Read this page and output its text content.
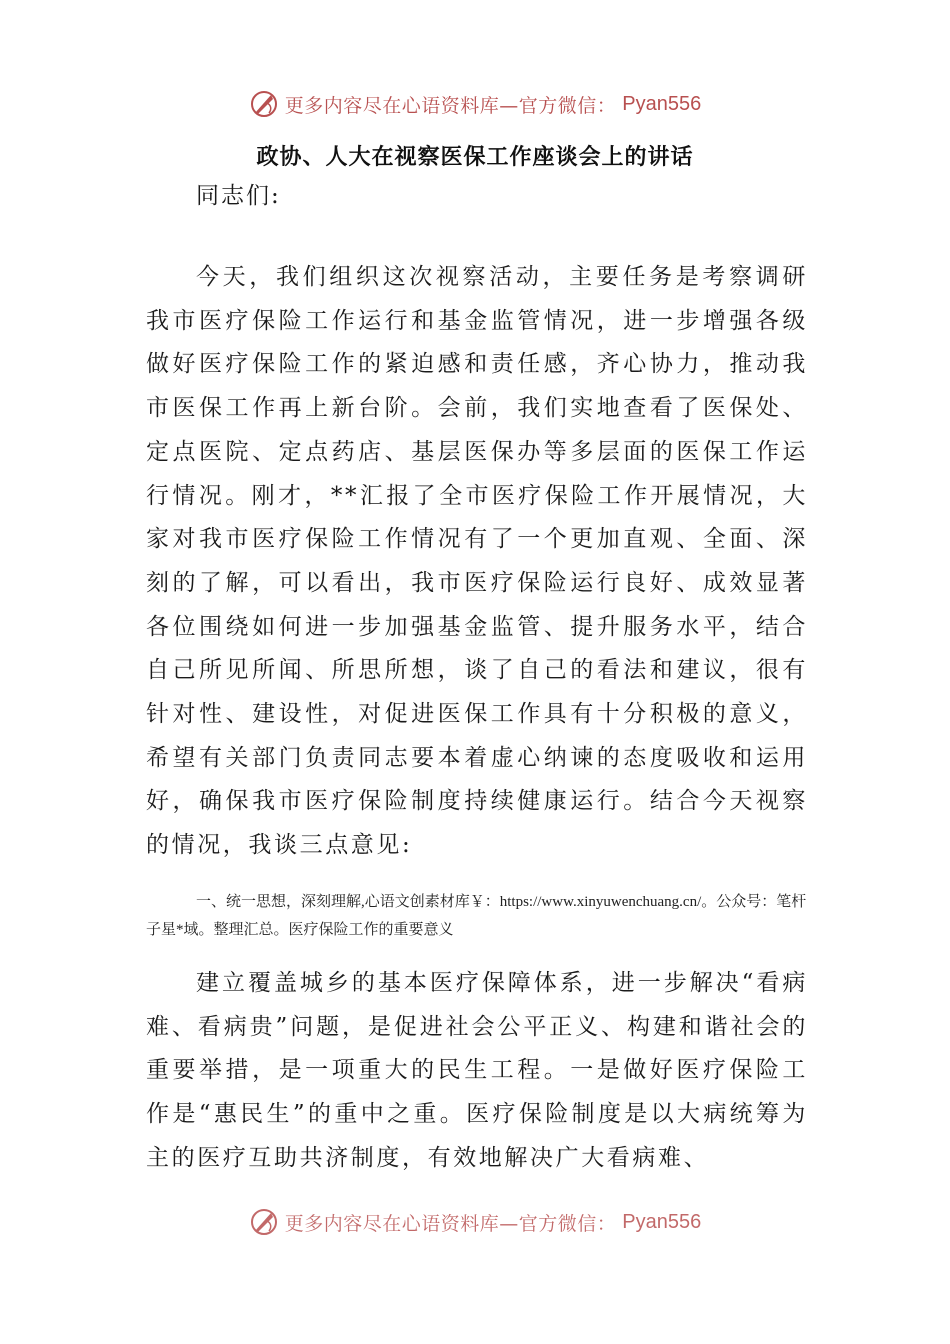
更多内容尽在心语资料库—官方微信： Pyan556
政协、人大在视察医保工作座谈会上的讲话
同志们:

今天，我们组织这次视察活动，主要任务是考察调研我市医疗保险工作运行和基金监管情况，进一步增强各级做好医疗保险工作的紧迫感和责任感，齐心协力，推动我市医保工作再上新台阶。会前，我们实地查看了医保处、定点医院、定点药店、基层医保办等多层面的医保工作运行情况。刚才，**汇报了全市医疗保险工作开展情况，大家对我市医疗保险工作情况有了一个更加直观、全面、深刻的了解，可以看出，我市医疗保险运行良好、成效显著各位围绕如何进一步加强基金监管、提升服务水平，结合自己所见所闻、所思所想，谈了自己的看法和建议，很有针对性、建设性，对促进医保工作具有十分积极的意义，希望有关部门负责同志要本着虚心纳谏的态度吸收和运用好，确保我市医疗保险制度持续健康运行。结合今天视察的情况，我谈三点意见:

一、统一思想，深刻理解,心语文创素材库￥：https://www.xinyuwenchuang.cn/。公众号：笔杆子星*域。整理汇总。医疗保险工作的重要意义

建立覆盖城乡的基本医疗保障体系，进一步解决“看病难、看病贵”问题，是促进社会公平正义、构建和谐社会的重要举措，是一项重大的民生工程。一是做好医疗保险工作是“惠民生”的重中之重。医疗保险制度是以大病统筹为主的医疗互助共济制度，有效地解决广大看病难、

更多内容尽在心语资料库—官方微信： Pyan556
